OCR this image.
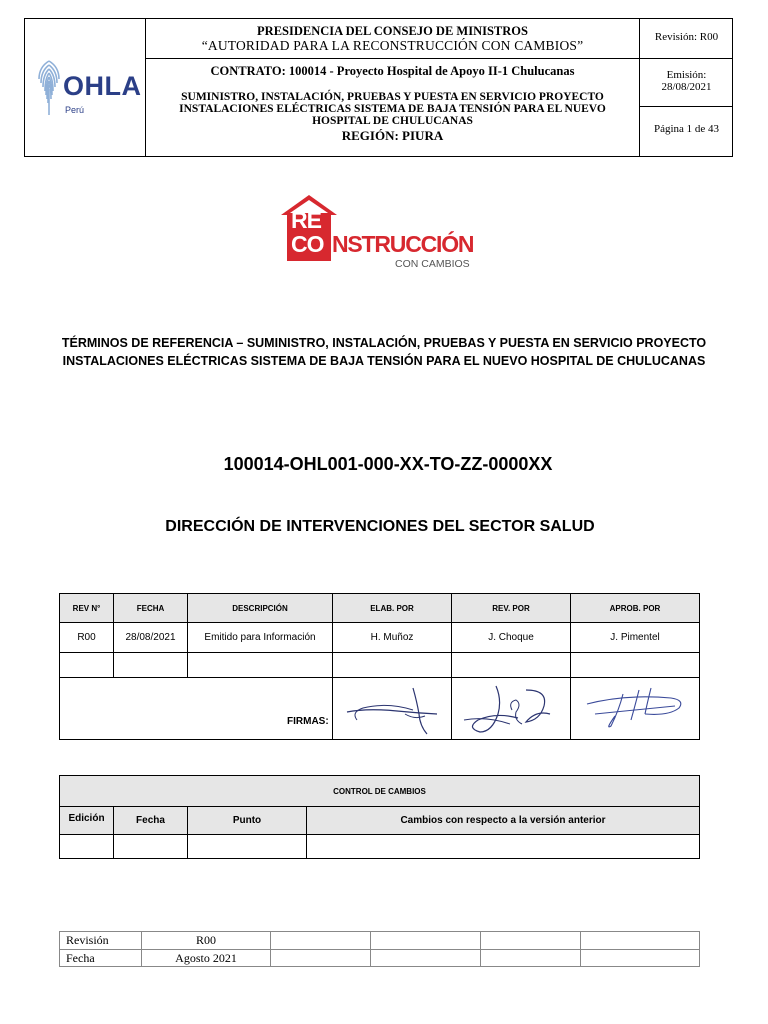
OHLA
Perú
PRESIDENCIA DEL CONSEJO DE MINISTROS
“AUTORIDAD PARA LA RECONSTRUCCIÓN CON CAMBIOS”
CONTRATO: 100014 - Proyecto Hospital de Apoyo II-1 Chulucanas
SUMINISTRO, INSTALACIÓN, PRUEBAS Y PUESTA EN SERVICIO PROYECTO INSTALACIONES ELÉCTRICAS SISTEMA DE BAJA TENSIÓN PARA EL NUEVO HOSPITAL DE CHULUCANAS
REGIÓN: PIURA
Revisión: R00
Emisión:
28/08/2021
Página 1 de 43
RE
CO NSTRUCCIÓN
CON CAMBIOS
TÉRMINOS DE REFERENCIA – SUMINISTRO, INSTALACIÓN, PRUEBAS Y PUESTA EN SERVICIO PROYECTO INSTALACIONES ELÉCTRICAS SISTEMA DE BAJA TENSIÓN PARA EL NUEVO HOSPITAL DE CHULUCANAS
100014-OHL001-000-XX-TO-ZZ-0000XX
DIRECCIÓN DE INTERVENCIONES DEL SECTOR SALUD
REV N°	FECHA	DESCRIPCIÓN	ELAB. POR	REV. POR	APROB. POR
R00	28/08/2021	Emitido para Información	H. Muñoz	J. Choque	J. Pimentel
FIRMAS:
CONTROL DE CAMBIOS
Edición	Fecha	Punto	Cambios con respecto a la versión anterior
Revisión	R00
Fecha	Agosto 2021
